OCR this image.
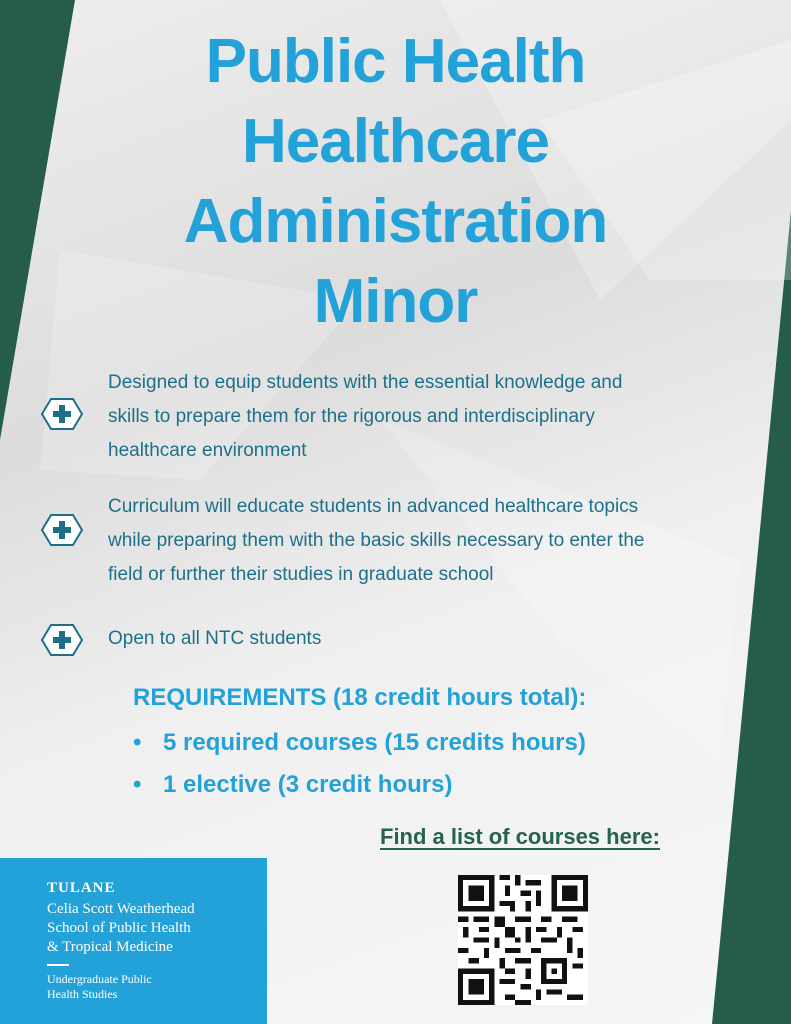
Public Health
Healthcare
Administration
Minor

Designed to equip students with the essential knowledge and
skills to prepare them for the rigorous and interdisciplinary
healthcare environment

Curriculum will educate students in advanced healthcare topics
while preparing them with the basic skills necessary to enter the
field or further their studies in graduate school

Open to all NTC students

REQUIREMENTS (18 credit hours total):
• 5 required courses (15 credits hours)
• 1 elective (3 credit hours)
Find a list of courses here:
TULANE
Celia Scott Weatherhead
School of Public Health
& Tropical Medicine
Undergraduate Public
Health Studies
